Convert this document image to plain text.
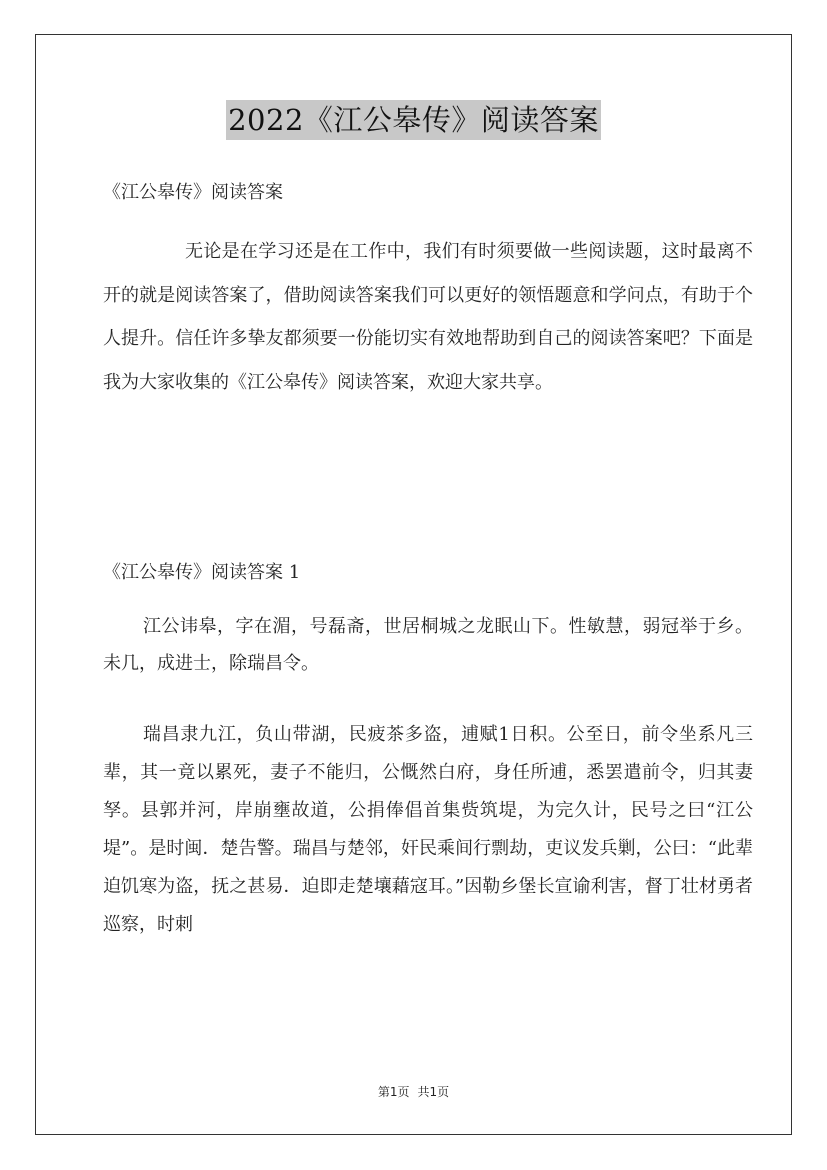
2022《江公皋传》阅读答案
《江公皋传》阅读答案

无论是在学习还是在工作中，我们有时须要做一些阅读题，这时最离不开的就是阅读答案了，借助阅读答案我们可以更好的领悟题意和学问点，有助于个人提升。信任许多挚友都须要一份能切实有效地帮助到自己的阅读答案吧？下面是我为大家收集的《江公皋传》阅读答案，欢迎大家共享。

《江公皋传》阅读答案 1

江公讳皋，字在湄，号磊斋，世居桐城之龙眠山下。性敏慧，弱冠举于乡。未几，成进士，除瑞昌令。

瑞昌隶九江，负山带湖，民疲茶多盗，逋赋1日积。公至日，前令坐系凡三辈，其一竟以累死，妻子不能归，公慨然白府，身任所逋，悉罢遣前令，归其妻孥。县郭并河，岸崩壅故道，公捐俸倡首集赀筑堤，为完久计，民号之曰“江公堤”。是时闽．楚告警。瑞昌与楚邻，奸民乘间行剽劫，吏议发兵剿，公曰：“此辈迫饥寒为盗，抚之甚易．迫即走楚壤藉寇耳。”因勒乡堡长宣谕利害，督丁壮材勇者巡察，时刺

第1页 共1页
